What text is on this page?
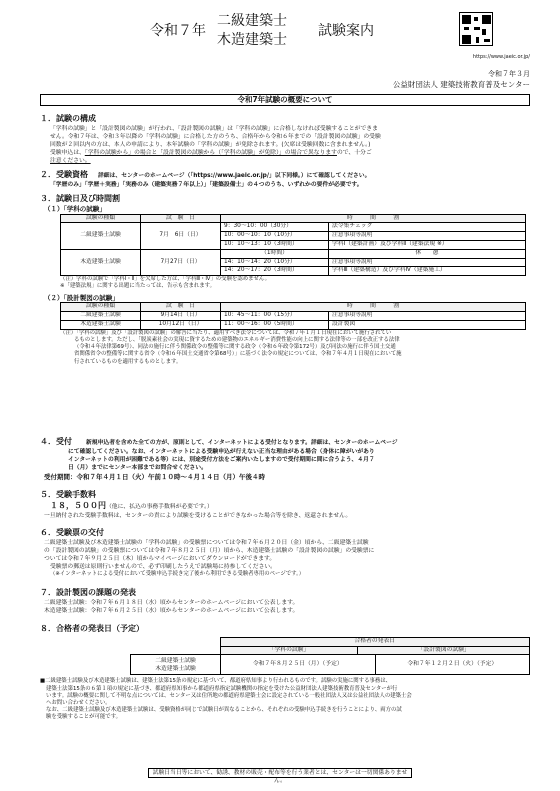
令和７年
二級建築士
木造建築士
試験案内
https://www.jaeic.or.jp/
令和７年３月
公益財団法人 建築技術教育普及センター
令和7年試験の概要について
１．試験の構成
「学科の試験」と「設計製図の試験」が行われ、「設計製図の試験」は「学科の試験」に合格しなければ受験することができま
せん。令和７年は、令和３年以降の「学科の試験」に合格した方のうち、合格年から令和６年までの「設計製図の試験」の受験
回数が２回以内の方は、本人の申請により、本年試験の「学科の試験」が免除されます。(欠席は受験回数に含まれません。)
受験申込は、「学科の試験から」の場合と「設計製図の試験から（「学科の試験」が免除）」の場合で異なりますので、十分ご
注意ください。
２．受験資格 詳細は、センターのホームページ（「https://www.jaeic.or.jp/」以下同様。）にて確認してください。
「学歴のみ」「学歴＋実務」「実務のみ（建築実務７年以上）」「建築設備士」の４つのうち、いずれかの要件が必要です。
３．試験日及び時間割
（１）「学科の試験」
試験の種類	試　験　日	時　　　間　　　割	
二級建築士試験	7月　6日（日）	9：30〜10：00（30分）	法令集チェック
		10：00〜10：10（10分）	注意事項等説明
		10：10〜13：10（3時間）	学科Ⅰ（建築計画）及び学科Ⅱ（建築法規 ※）
木造建築士試験	7月27日（日）	（1時間）	休　　憩
		14：10〜14：20（10分）	注意事項等説明
		14：20〜17：20（3時間）	学科Ⅲ（建築構造）及び学科Ⅳ（建築施工）
（注）学科の試験で「学科Ⅰ・Ⅱ」を欠席した方は、「学科Ⅲ・Ⅳ」の受験を認めません。
※「建築法規」に関する出題に当たっては、告示も含まれます。
（２）「設計製図の試験」
試験の種類	試　験　日	時　　　間　　　割	
二級建築士試験	9月14日（日）	10：45〜11：00（15分）	注意事項等説明
木造建築士試験	10月12日（日）	11：00〜16：00（5時間）	設計製図
（注）「学科の試験」及び「設計製図の試験」の解答に当たり、適用すべき法令については、令和７年１月１日現在において施行されてい
るものとします。ただし、「脱炭素社会の実現に資するための建築物のエネルギー消費性能の向上に関する法律等の一部を改正する法律
（令和４年法律第69号）、同法の施行に伴う関係政令の整備等に関する政令（令和６年政令第172号）及び同法の施行に伴う国土交通
省関係省令の整備等に関する省令（令和６年国土交通省令第68号）」に基づく法令の規定については、令和７年４月１日現在において施
行されているものを適用するものとします。
４．受付 新規申込者を含めた全ての方が、原則として、インターネットによる受付となります。詳細は、センターのホームページ
にて確認してください。なお、インターネットによる受験申込が行えない正当な理由がある場合（身体に障がいがあり
インターネットの利用が困難である等）には、別途受付方法をご案内いたしますので受付期間に間に合うよう、４月７
日（月）までにセンター本部までお問合せください。
受付期間：令和７年４月１日（火）午前１０時〜４月１４日（月）午後４時
５．受験手数料
１８，５００円（他に、払込の事務手数料が必要です。）
一旦納付された受験手数料は、センターの責により試験を受けることができなかった場合等を除き、返還されません。
６．受験票の交付
二級建築士試験及び木造建築士試験の「学科の試験」の受験票については令和７年６月２０日（金）頃から、二級建築士試験
の「設計製図の試験」の受験票については令和７年８月２５日（月）頃から、木造建築士試験の「設計製図の試験」の受験票に
ついては令和７年９月２５日（木）頃からマイページにおいてダウンロードができます。
受験票の郵送は原則行いませんので、必ず印刷したうえで試験場に持参してください。
（※インターネットによる受付において受験申込手続き完了後から利用できる受験者専用のページです。）
７．設計製図の課題の発表
二級建築士試験：令和７年６月１８日（水）頃からセンターのホームページにおいて公表します。
木造建築士試験：令和７年６月２５日（水）頃からセンターのホームページにおいて公表します。
８．合格者の発表日（予定）
	合格者の発表日	
	「学科の試験」	「設計製図の試験」
二級建築士試験
木造建築士試験
	令和７年８月２５日（月）（予定）	令和７年１２月２日（火）（予定）
■二級建築士試験及び木造建築士試験は、建築士法第15条の規定に基づいて、都道府県知事より行われるものです。試験の実施に関する事務は、
建築士法第15条の６第１項の規定に基づき、都道府県知事から都道府県指定試験機関の指定を受けた公益財団法人建築技術教育普及センターが行
います。試験の概要に関して不明な点については、センター又は住所地の都道府県建築士会に設定されている一般社団法人又は公益社団法人の建築士会
へお問い合わせください。
なお、二級建築士試験及び木造建築士試験は、受験資格が同じで試験日が異なることから、それぞれの受験申込手続きを行うことにより、両方の試
験を受験することが可能です。
試験日当日等において、勧誘、教材の販売・配布等を行う業者とは、センターは一切関係ありません。
